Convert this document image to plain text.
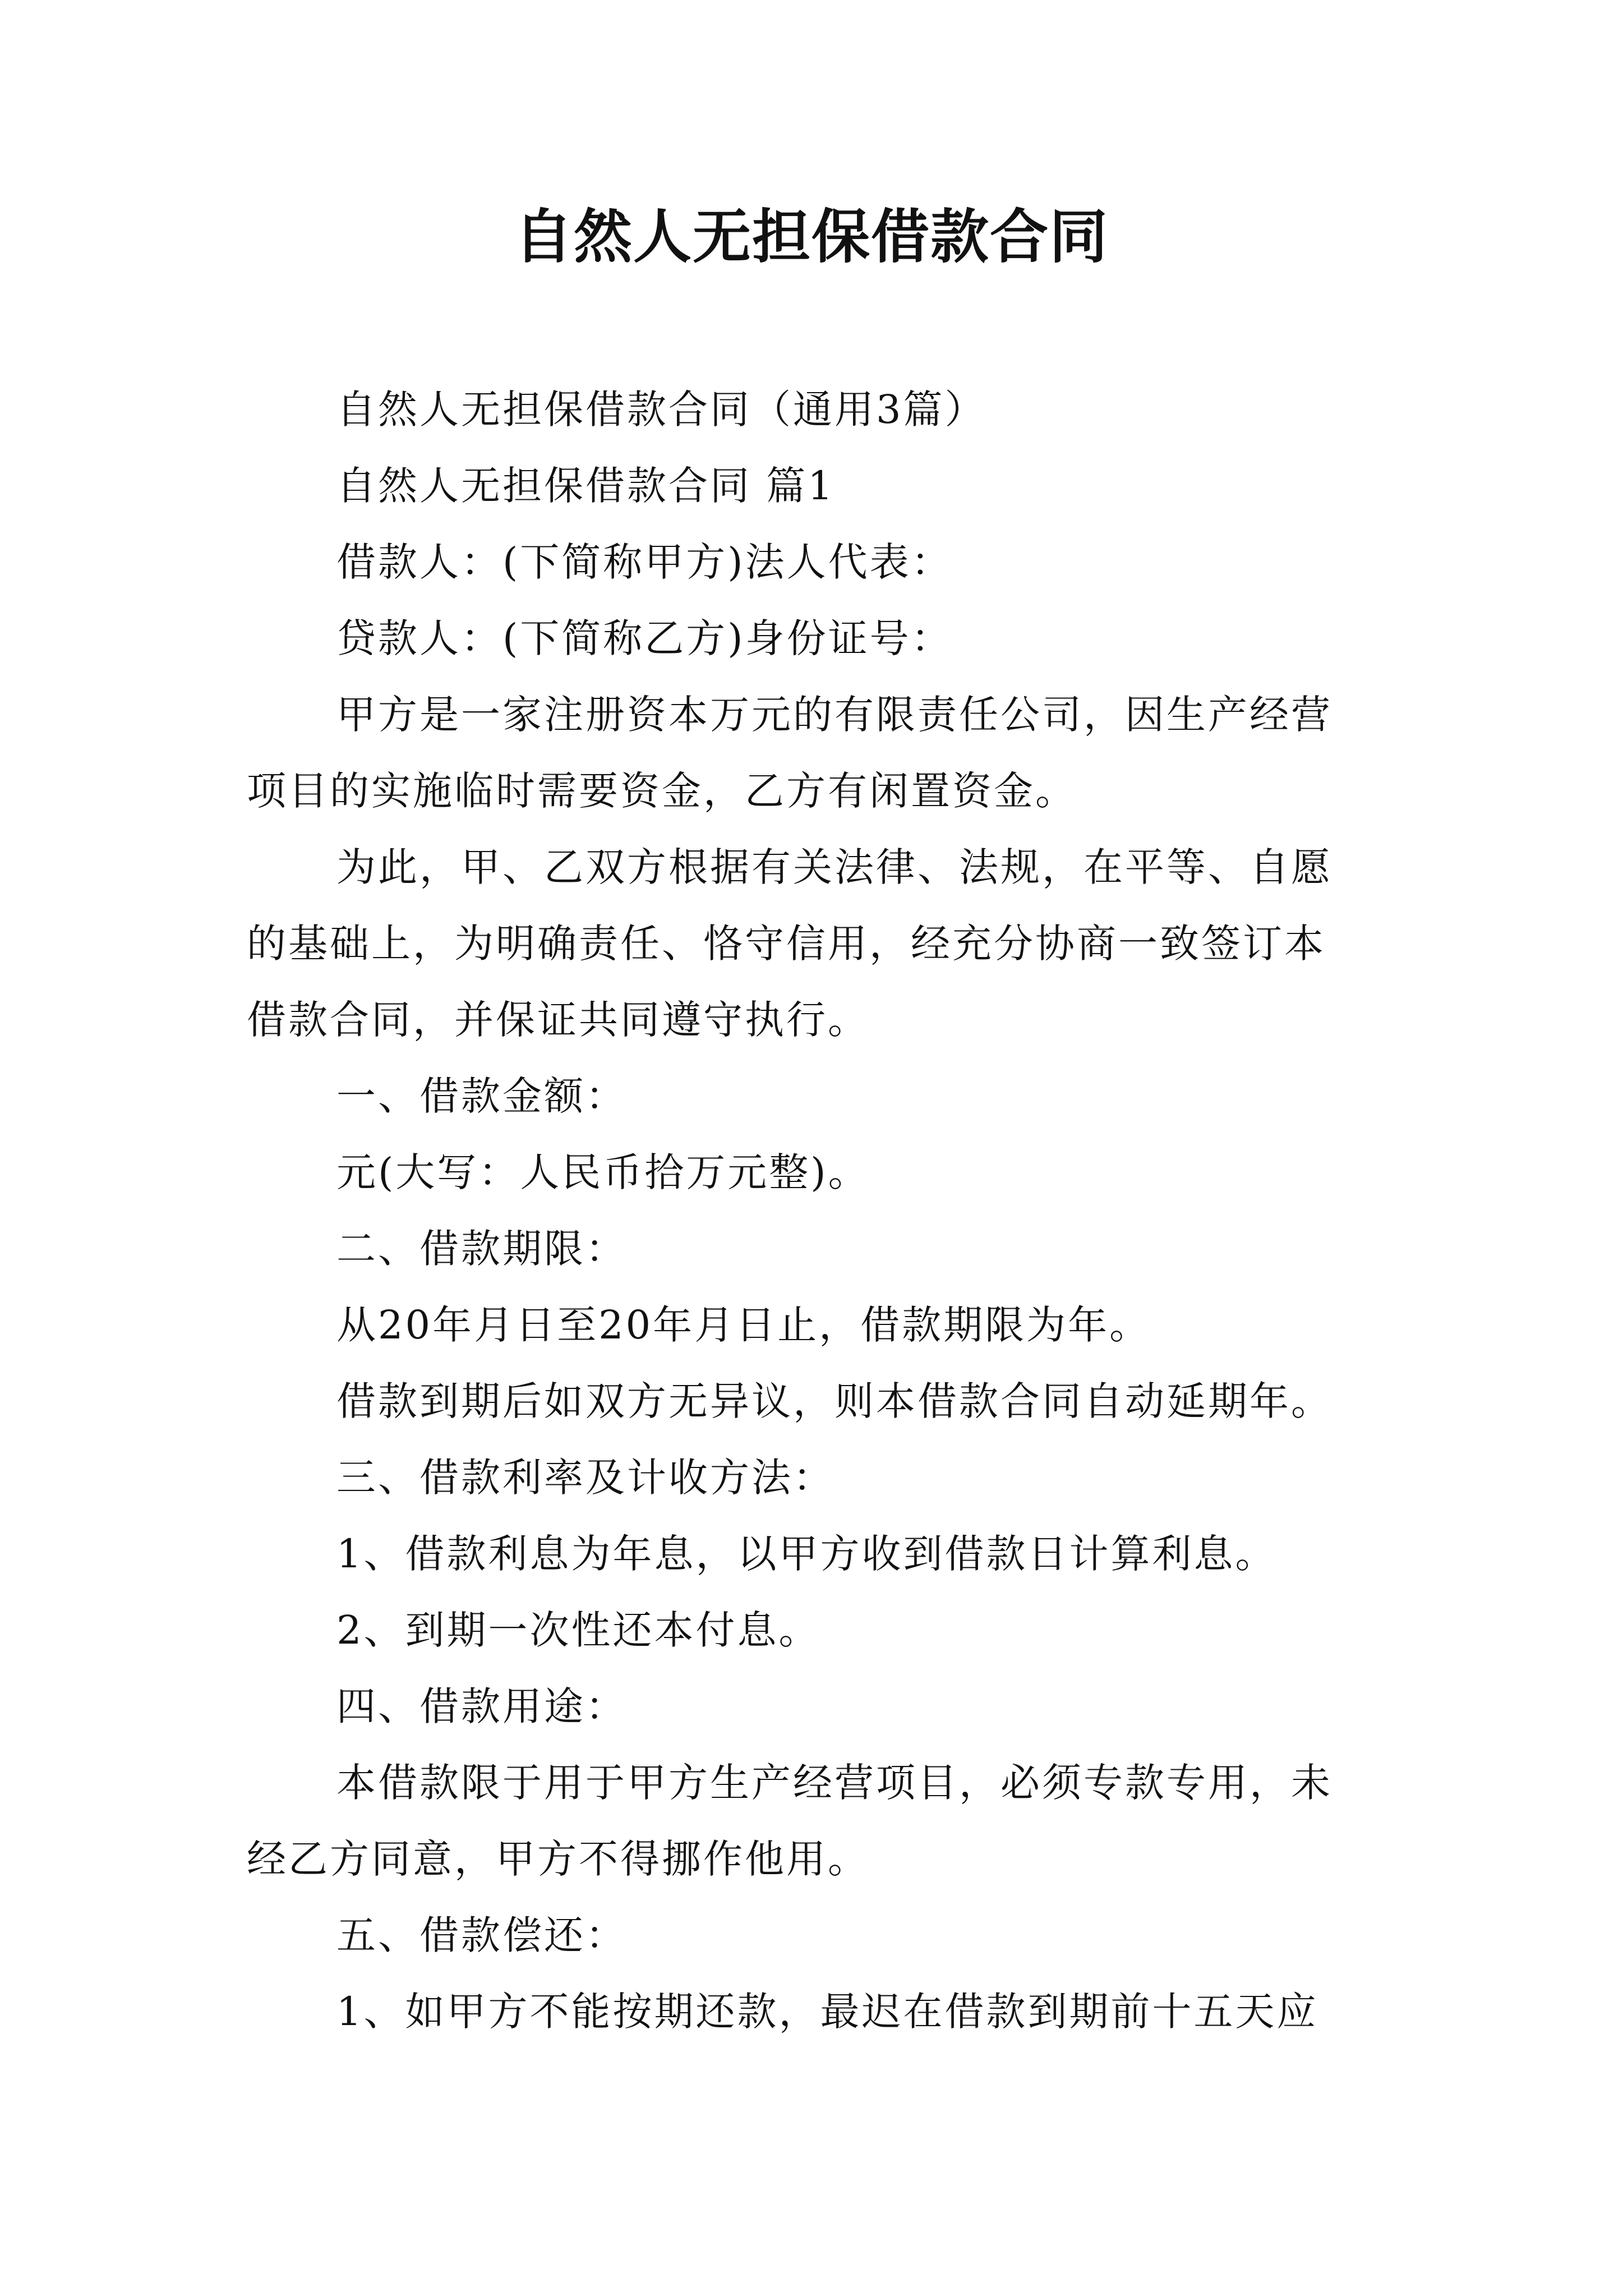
自然人无担保借款合同
自然人无担保借款合同（通用3篇）
自然人无担保借款合同 篇1
借款人：(下简称甲方)法人代表：
贷款人：(下简称乙方)身份证号：
甲方是一家注册资本万元的有限责任公司，因生产经营
项目的实施临时需要资金，乙方有闲置资金。
为此，甲、乙双方根据有关法律、法规，在平等、自愿
的基础上，为明确责任、恪守信用，经充分协商一致签订本
借款合同，并保证共同遵守执行。
一、借款金额：
元(大写：人民币拾万元整)。
二、借款期限：
从20年月日至20年月日止，借款期限为年。
借款到期后如双方无异议，则本借款合同自动延期年。
三、借款利率及计收方法：
1、借款利息为年息，以甲方收到借款日计算利息。
2、到期一次性还本付息。
四、借款用途：
本借款限于用于甲方生产经营项目，必须专款专用，未
经乙方同意，甲方不得挪作他用。
五、借款偿还：
1、如甲方不能按期还款，最迟在借款到期前十五天应
